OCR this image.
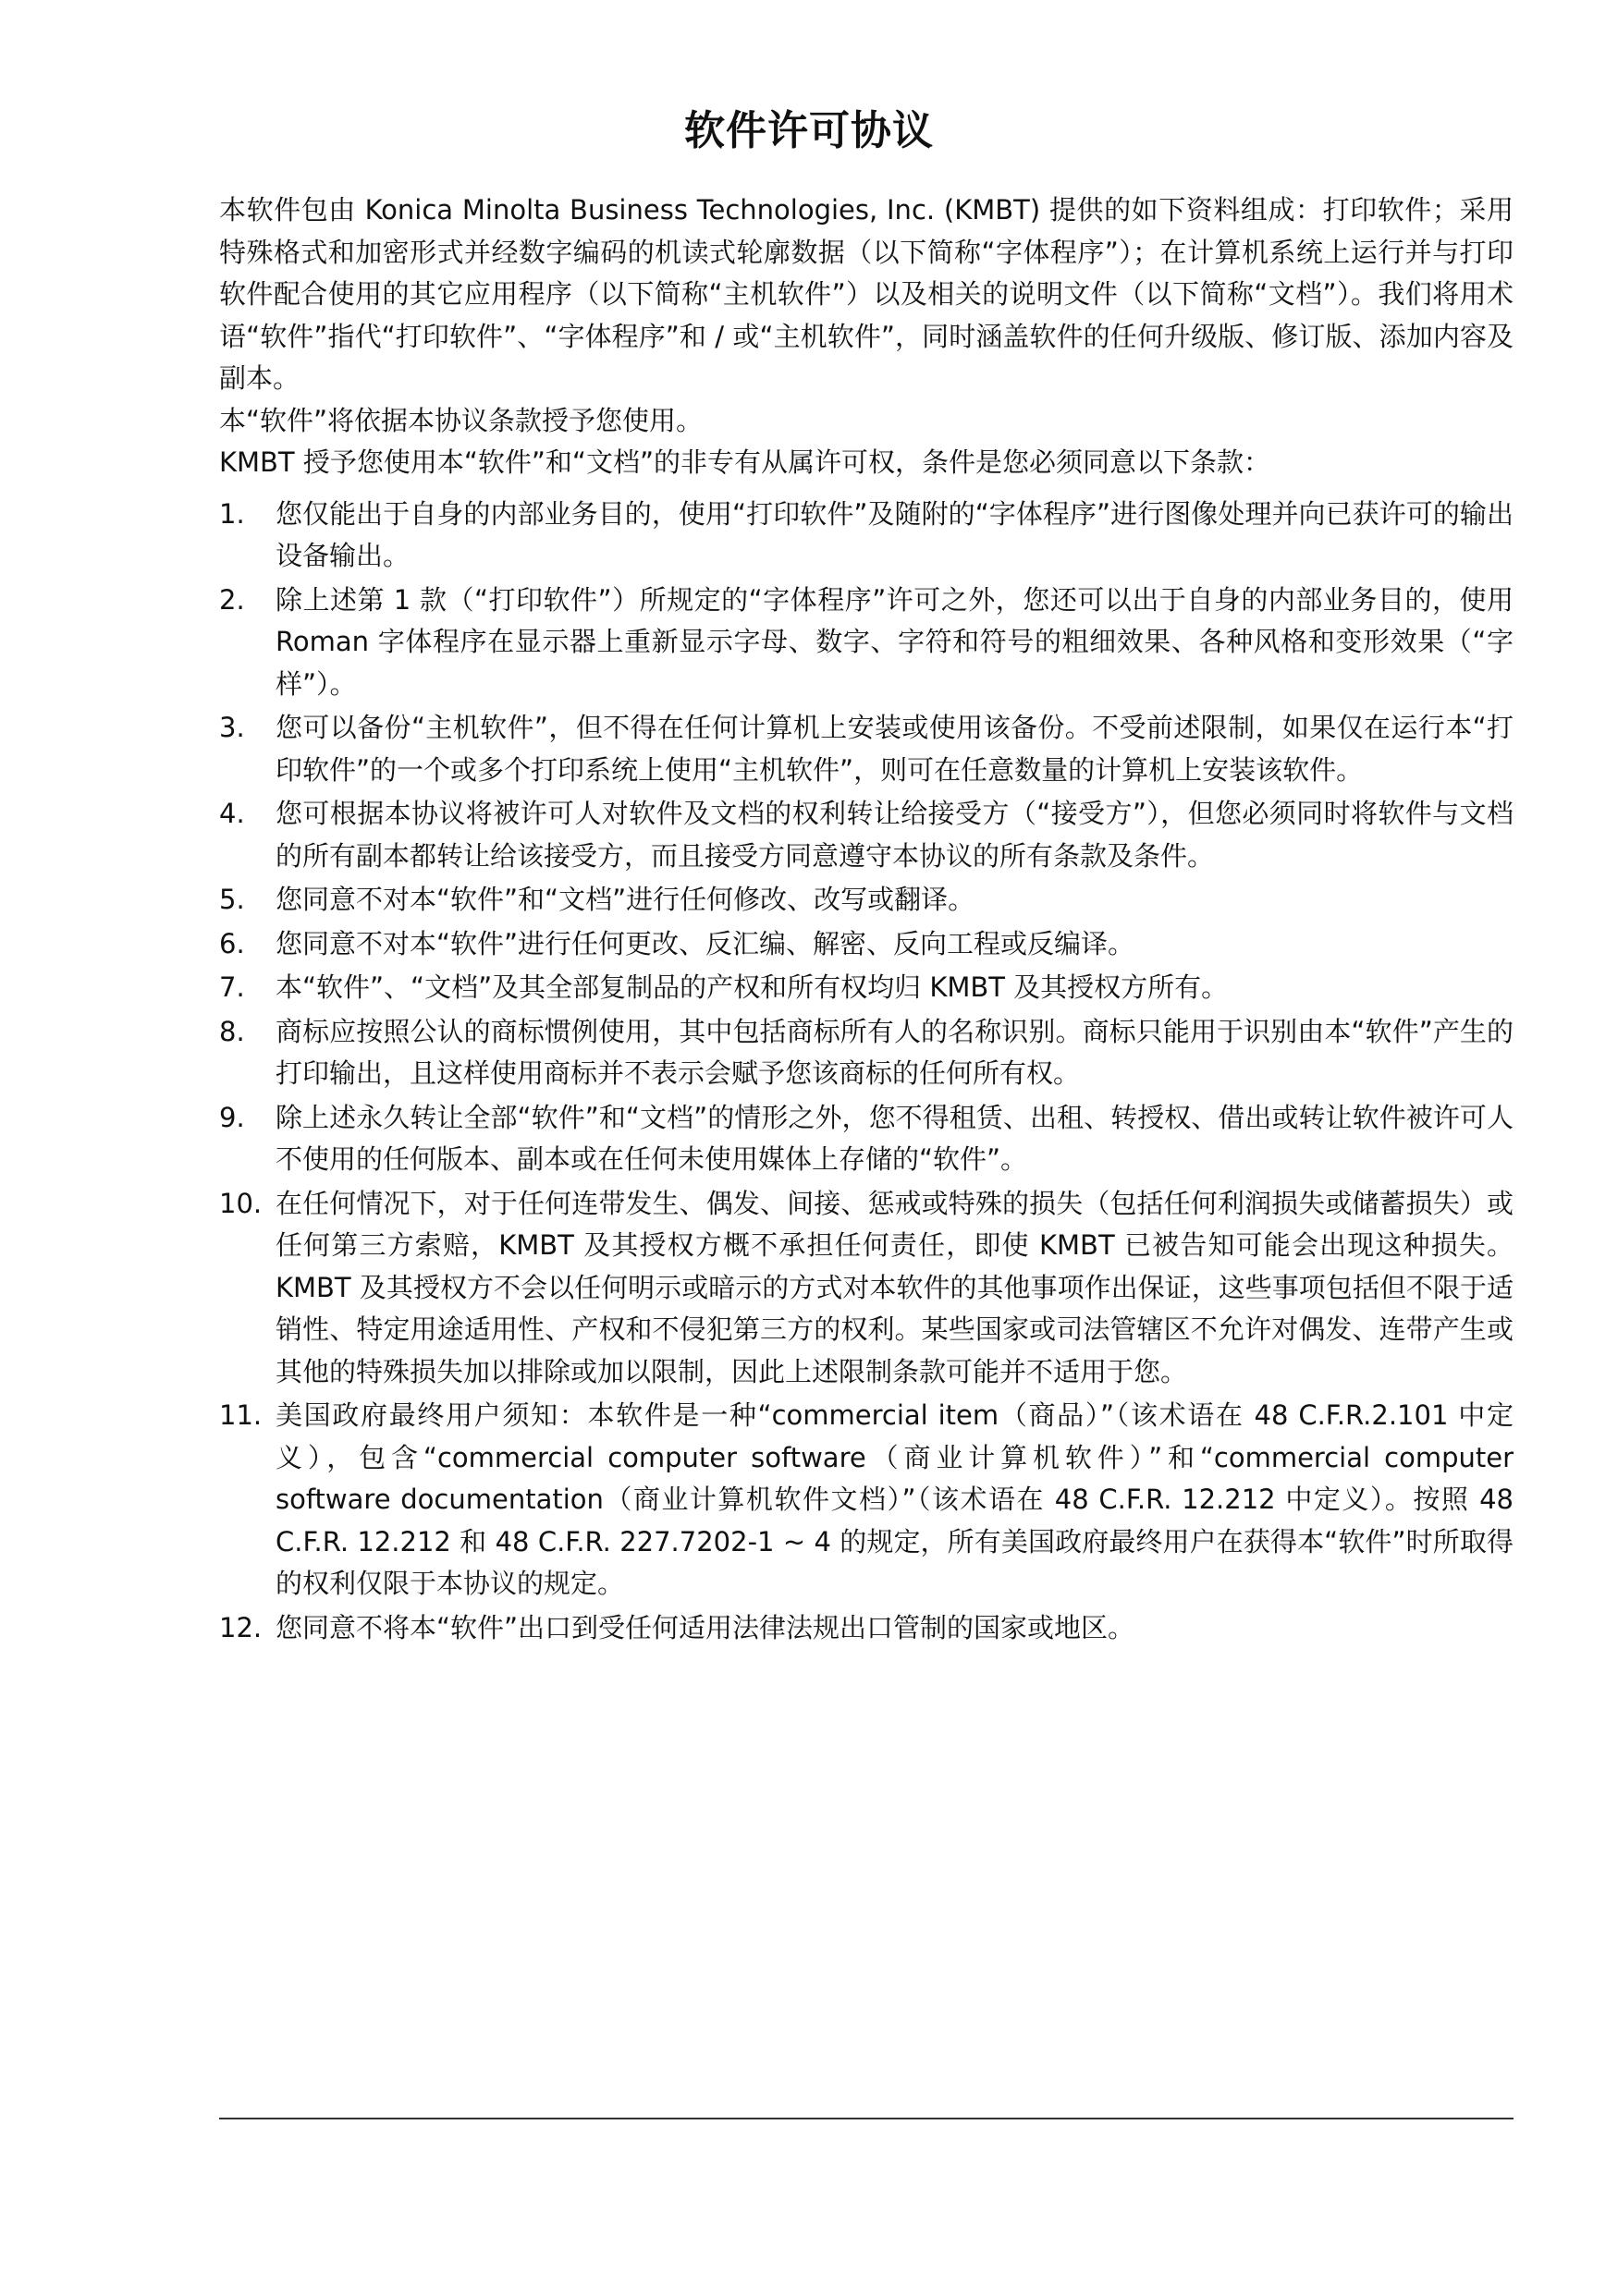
软件许可协议

本软件包由 Konica Minolta Business Technologies, Inc. (KMBT) 提供的如下资料组成：打印软件；采用特殊格式和加密形式并经数字编码的机读式轮廓数据（以下简称“字体程序”）；在计算机系统上运行并与打印软件配合使用的其它应用程序（以下简称“主机软件”）以及相关的说明文件（以下简称“文档”）。我们将用术语“软件”指代“打印软件”、“字体程序”和 / 或“主机软件”，同时涵盖软件的任何升级版、修订版、添加内容及副本。

本“软件”将依据本协议条款授予您使用。

KMBT 授予您使用本“软件”和“文档”的非专有从属许可权，条件是您必须同意以下条款：

1. 您仅能出于自身的内部业务目的，使用“打印软件”及随附的“字体程序”进行图像处理并向已获许可的输出设备输出。
2. 除上述第 1 款（“打印软件”）所规定的“字体程序”许可之外，您还可以出于自身的内部业务目的，使用 Roman 字体程序在显示器上重新显示字母、数字、字符和符号的粗细效果、各种风格和变形效果（“字样”）。
3. 您可以备份“主机软件”，但不得在任何计算机上安装或使用该备份。不受前述限制，如果仅在运行本“打印软件”的一个或多个打印系统上使用“主机软件”，则可在任意数量的计算机上安装该软件。
4. 您可根据本协议将被许可人对软件及文档的权利转让给接受方（“接受方”），但您必须同时将软件与文档的所有副本都转让给该接受方，而且接受方同意遵守本协议的所有条款及条件。
5. 您同意不对本“软件”和“文档”进行任何修改、改写或翻译。
6. 您同意不对本“软件”进行任何更改、反汇编、解密、反向工程或反编译。
7. 本“软件”、“文档”及其全部复制品的产权和所有权均归 KMBT 及其授权方所有。
8. 商标应按照公认的商标惯例使用，其中包括商标所有人的名称识别。商标只能用于识别由本“软件”产生的打印输出，且这样使用商标并不表示会赋予您该商标的任何所有权。
9. 除上述永久转让全部“软件”和“文档”的情形之外，您不得租赁、出租、转授权、借出或转让软件被许可人不使用的任何版本、副本或在任何未使用媒体上存储的“软件”。
10. 在任何情况下，对于任何连带发生、偶发、间接、惩戒或特殊的损失（包括任何利润损失或储蓄损失）或任何第三方索赔，KMBT 及其授权方概不承担任何责任，即使 KMBT 已被告知可能会出现这种损失。KMBT 及其授权方不会以任何明示或暗示的方式对本软件的其他事项作出保证，这些事项包括但不限于适销性、特定用途适用性、产权和不侵犯第三方的权利。某些国家或司法管辖区不允许对偶发、连带产生或其他的特殊损失加以排除或加以限制，因此上述限制条款可能并不适用于您。
11. 美国政府最终用户须知：本软件是一种“commercial item（商品）”（该术语在 48 C.F.R.2.101 中定义），包含“commercial computer software（商业计算机软件）”和“commercial computer software documentation（商业计算机软件文档）”（该术语在 48 C.F.R. 12.212 中定义）。按照 48 C.F.R. 12.212 和 48 C.F.R. 227.7202-1 ~ 4 的规定，所有美国政府最终用户在获得本“软件”时所取得的权利仅限于本协议的规定。
12. 您同意不将本“软件”出口到受任何适用法律法规出口管制的国家或地区。
